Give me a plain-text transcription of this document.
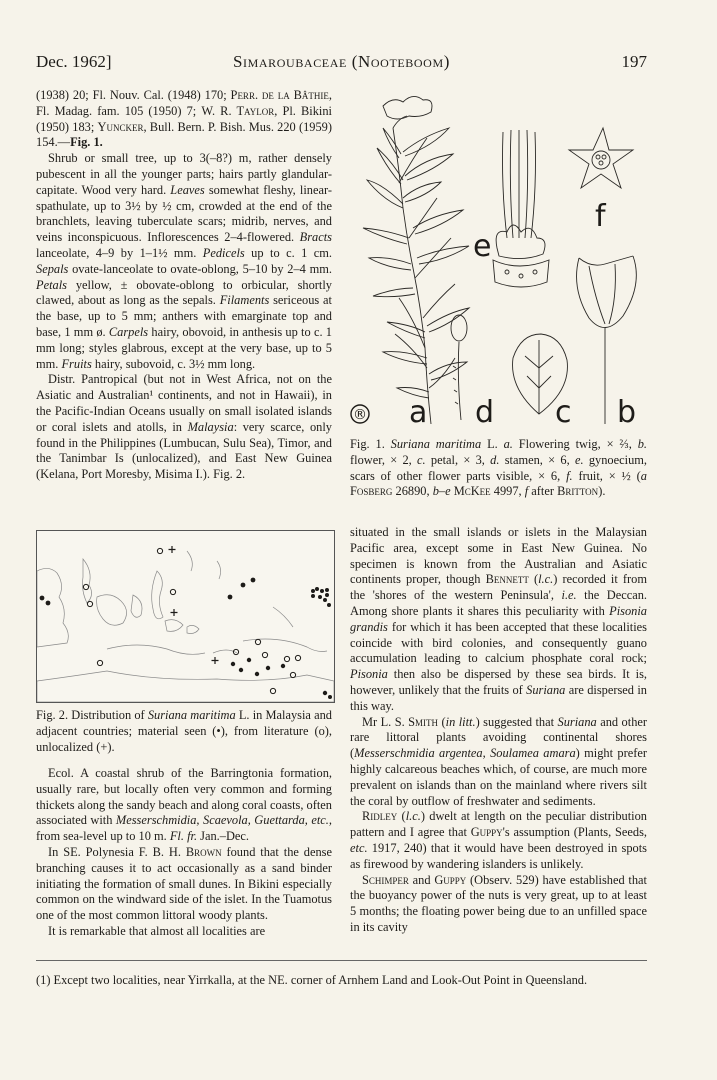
Dec. 1962]	Simaroubaceae (Nooteboom)	197

(1938) 20; Fl. Nouv. Cal. (1948) 170; Perr. de la Bâthie, Fl. Madag. fam. 105 (1950) 7; W. R. Taylor, Pl. Bikini (1950) 183; Yuncker, Bull. Bern. P. Bish. Mus. 220 (1959) 154.—Fig. 1.

Shrub or small tree, up to 3(–8?) m, rather densely pubescent in all the younger parts; hairs partly glandular-capitate. Wood very hard. Leaves somewhat fleshy, linear-spathulate, up to 3½ by ½ cm, crowded at the end of the branchlets, leaving tuberculate scars; midrib, nerves, and veins inconspicuous. Inflorescences 2–4-flowered. Bracts lanceolate, 4–9 by 1–1½ mm. Pedicels up to c. 1 cm. Sepals ovate-lanceolate to ovate-oblong, 5–10 by 2–4 mm. Petals yellow, ± obovate-oblong to orbicular, shortly clawed, about as long as the sepals. Filaments sericeous at the base, up to 5 mm; anthers with emarginate top and base, 1 mm ø. Carpels hairy, obovoid, in anthesis up to c. 1 mm long; styles glabrous, except at the very base, up to 5 mm. Fruits hairy, subovoid, c. 3½ mm long.

Distr. Pantropical (but not in West Africa, not on the Asiatic and Australian¹ continents, and not in Hawaii), in the Pacific-Indian Oceans usually on small isolated islands or coral islets and atolls, in Malaysia: very scarce, only found in the Philippines (Lumbucan, Sulu Sea), Timor, and the Tanimbar Is (unlocalized), and East New Guinea (Kelana, Port Moresby, Misima I.). Fig. 2.

Fig. 2. Distribution of Suriana maritima L. in Malaysia and adjacent countries; material seen (•), from literature (o), unlocalized (+).

Ecol. A coastal shrub of the Barringtonia formation, usually rare, but locally often very common and forming thickets along the sandy beach and along coral coasts, often associated with Messerschmidia, Scaevola, Guettarda, etc., from sea-level up to 10 m. Fl. fr. Jan.–Dec.

In SE. Polynesia F. B. H. Brown found that the dense branching causes it to act occasionally as a sand binder initiating the formation of small dunes. In Bikini especially common on the windward side of the islet. In the Tuamotus one of the most common littoral woody plants.

It is remarkable that almost all localities are

® a d c b
e
f
Fig. 1. Suriana maritima L. a. Flowering twig, × ⅔, b. flower, × 2, c. petal, × 3, d. stamen, × 6, e. gynoecium, scars of other flower parts visible, × 6, f. fruit, × ½ (a Fosberg 26890, b–e McKee 4997, f after Britton).

situated in the small islands or islets in the Malaysian Pacific area, except some in East New Guinea. No specimen is known from the Australian and Asiatic continents proper, though Bennett (l.c.) recorded it from the 'shores of the western Peninsula', i.e. the Deccan. Among shore plants it shares this peculiarity with Pisonia grandis for which it has been accepted that these localities coincide with bird colonies, and consequently guano accumulation leading to calcium phosphate coral rock; Pisonia then also be dispersed by these sea birds. It is, however, unlikely that the fruits of Suriana are dispersed in this way.

Mr L. S. Smith (in litt.) suggested that Suriana and other rare littoral plants avoiding continental shores (Messerschmidia argentea, Soulamea amara) might prefer highly calcareous beaches which, of course, are much more prevalent on islands than on the mainland where rivers silt the coral by outflow of freshwater and sediments.

Ridley (l.c.) dwelt at length on the peculiar distribution pattern and I agree that Guppy's assumption (Plants, Seeds, etc. 1917, 240) that it would have been destroyed in spots as firewood by wandering islanders is unlikely.

Schimper and Guppy (Observ. 529) have established that the buoyancy power of the nuts is very great, up to at least 5 months; the floating power being due to an unfilled space in its cavity

(1) Except two localities, near Yirrkalla, at the NE. corner of Arnhem Land and Look-Out Point in Queensland.
